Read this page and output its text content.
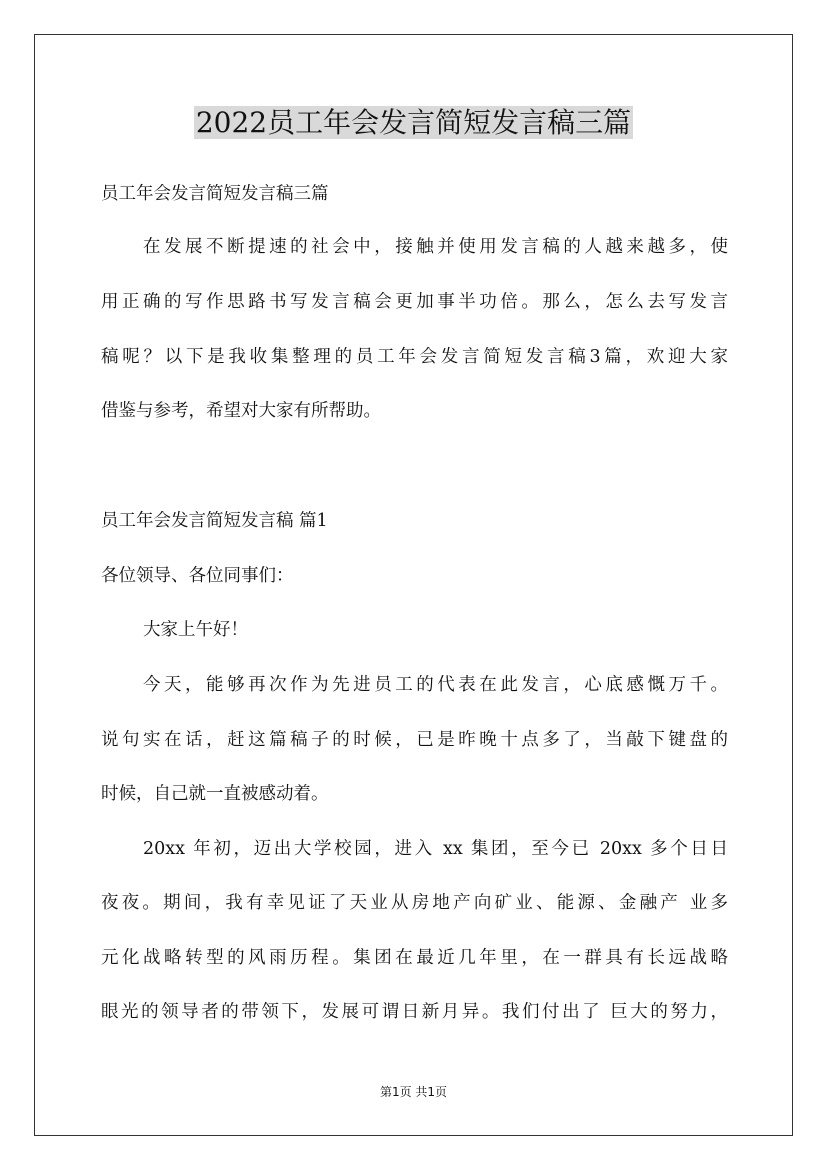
2022员工年会发言简短发言稿三篇
员工年会发言简短发言稿三篇
在发展不断提速的社会中，接触并使用发言稿的人越来越多，使
用正确的写作思路书写发言稿会更加事半功倍。那么，怎么去写发言
稿呢？以下是我收集整理的员工年会发言简短发言稿3篇，欢迎大家
借鉴与参考，希望对大家有所帮助。
员工年会发言简短发言稿 篇1
各位领导、各位同事们：
大家上午好！
今天，能够再次作为先进员工的代表在此发言，心底感慨万千。
说句实在话，赶这篇稿子的时候，已是昨晚十点多了，当敲下键盘的
时候，自己就一直被感动着。
20xx 年初，迈出大学校园，进入 xx 集团，至今已 20xx 多个日日
夜夜。期间，我有幸见证了天业从房地产向矿业、能源、金融产 业多
元化战略转型的风雨历程。集团在最近几年里，在一群具有长远战略
眼光的领导者的带领下，发展可谓日新月异。我们付出了 巨大的努力，
第1页 共1页
